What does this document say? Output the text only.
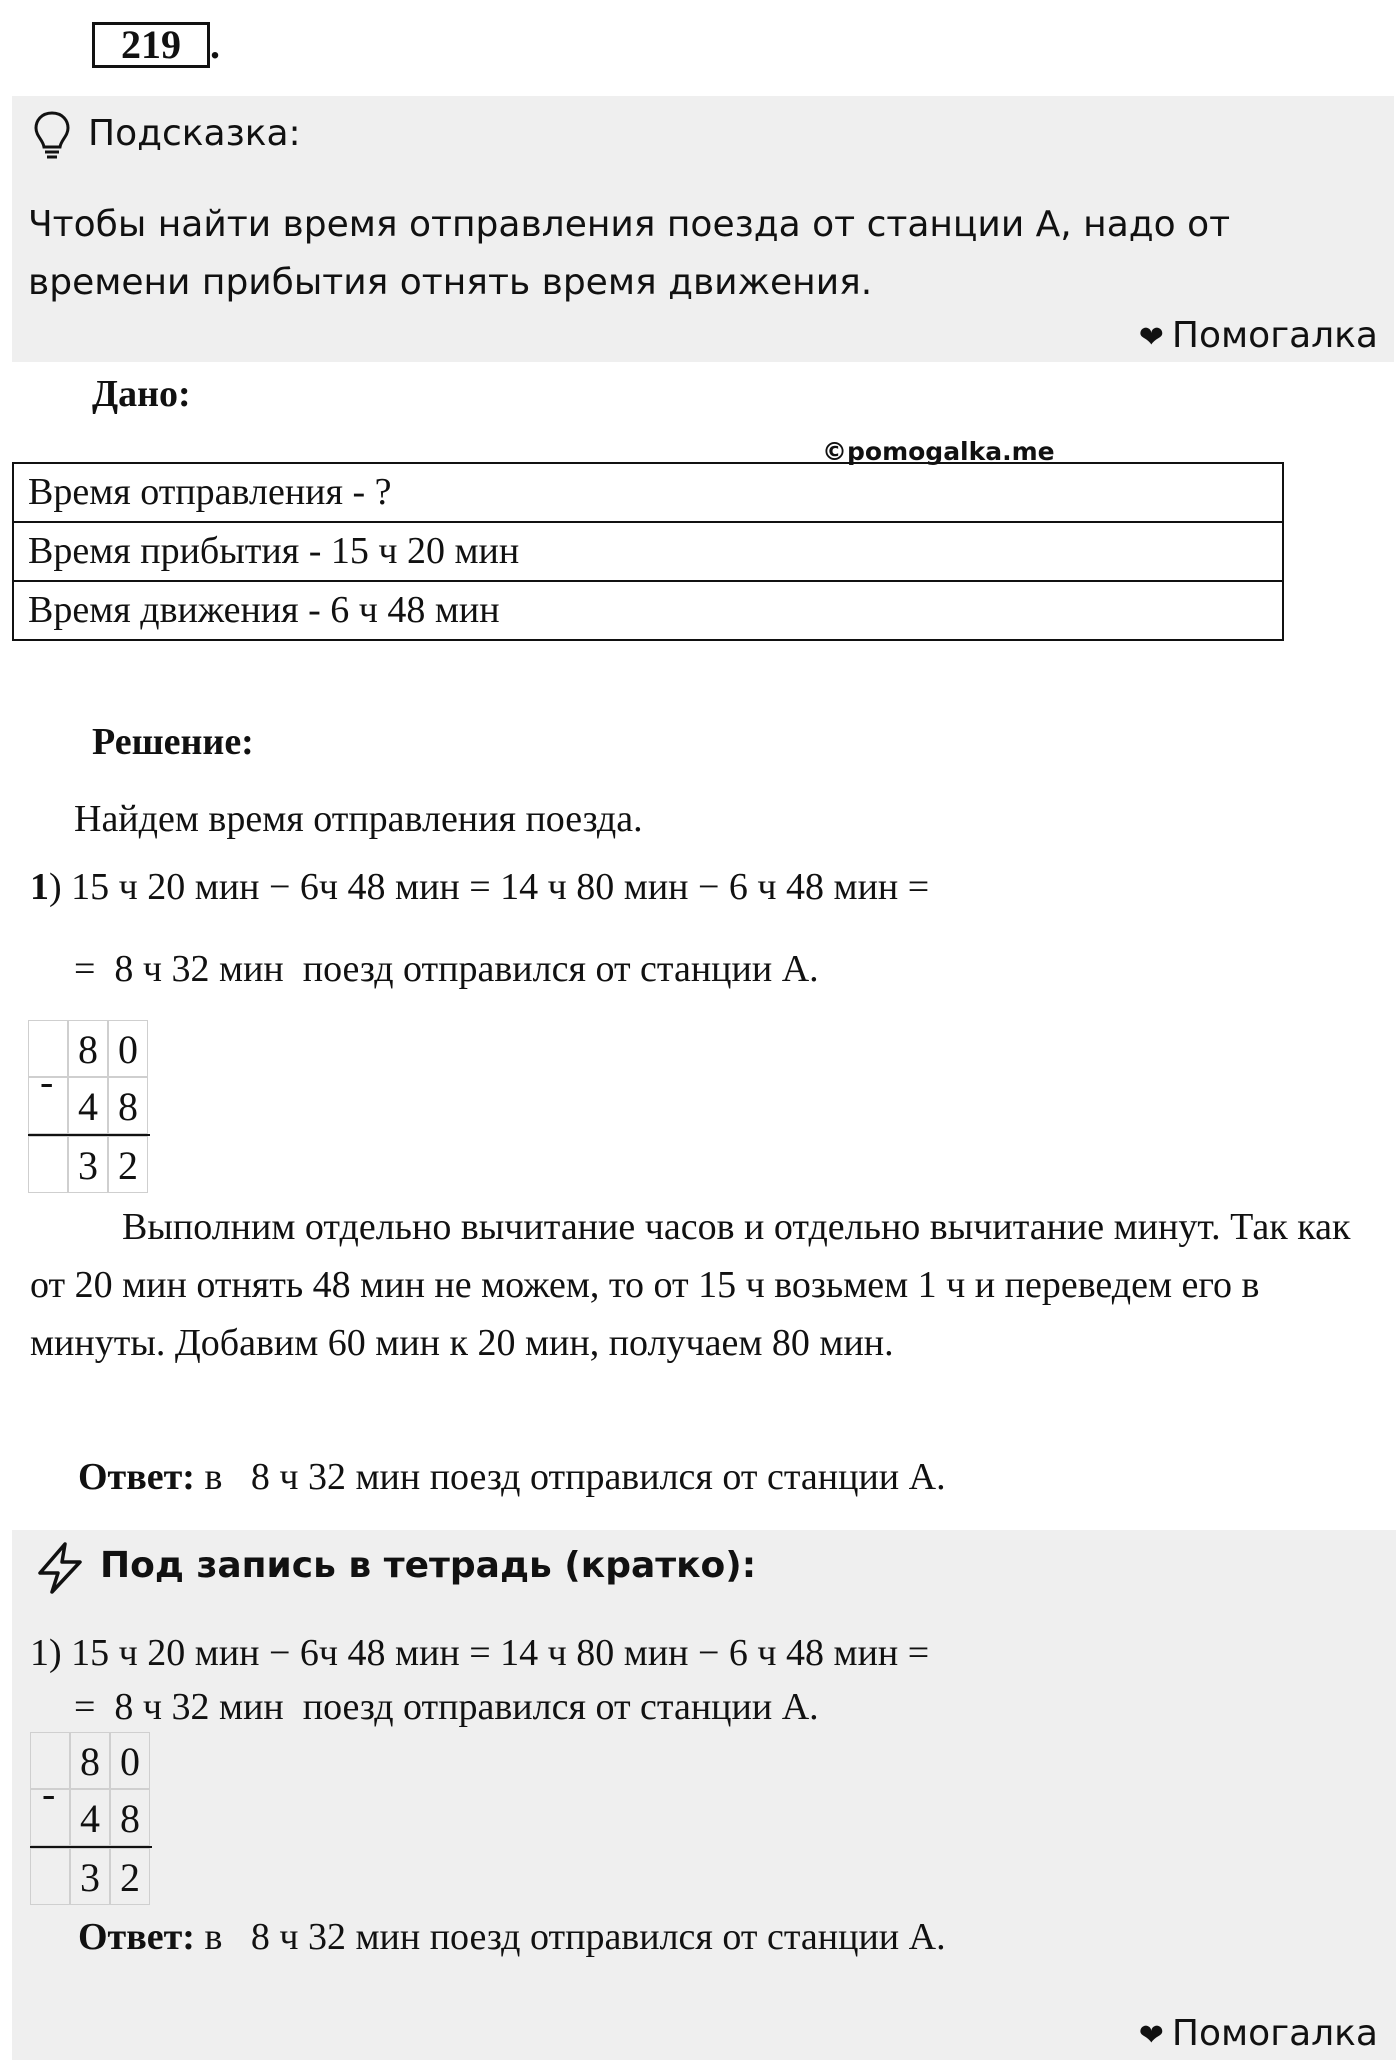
219 .
Подсказка:
Чтобы найти время отправления поезда от станции А, надо от времени прибытия отнять время движения.
❤ Помогалка
Дано:
©pomogalka.me
Время отправления - ?
Время прибытия - 15 ч 20 мин
Время движения - 6 ч 48 мин
Решение:
Найдем время отправления поезда.
1) 15 ч 20 мин − 6ч 48 мин = 14 ч 80 мин − 6 ч 48 мин =
=  8 ч 32 мин  поезд отправился от станции А.
-
8 0
4 8
3 2
Выполним отдельно вычитание часов и отдельно вычитание минут. Так как от 20 мин отнять 48 мин не можем, то от 15 ч возьмем 1 ч и переведем его в минуты. Добавим 60 мин к 20 мин, получаем 80 мин.
Ответ: в   8 ч 32 мин поезд отправился от станции А.
Под запись в тетрадь (кратко):
1) 15 ч 20 мин − 6ч 48 мин = 14 ч 80 мин − 6 ч 48 мин =
=  8 ч 32 мин  поезд отправился от станции А.
-
8 0
4 8
3 2
Ответ: в   8 ч 32 мин поезд отправился от станции А.
❤ Помогалка
